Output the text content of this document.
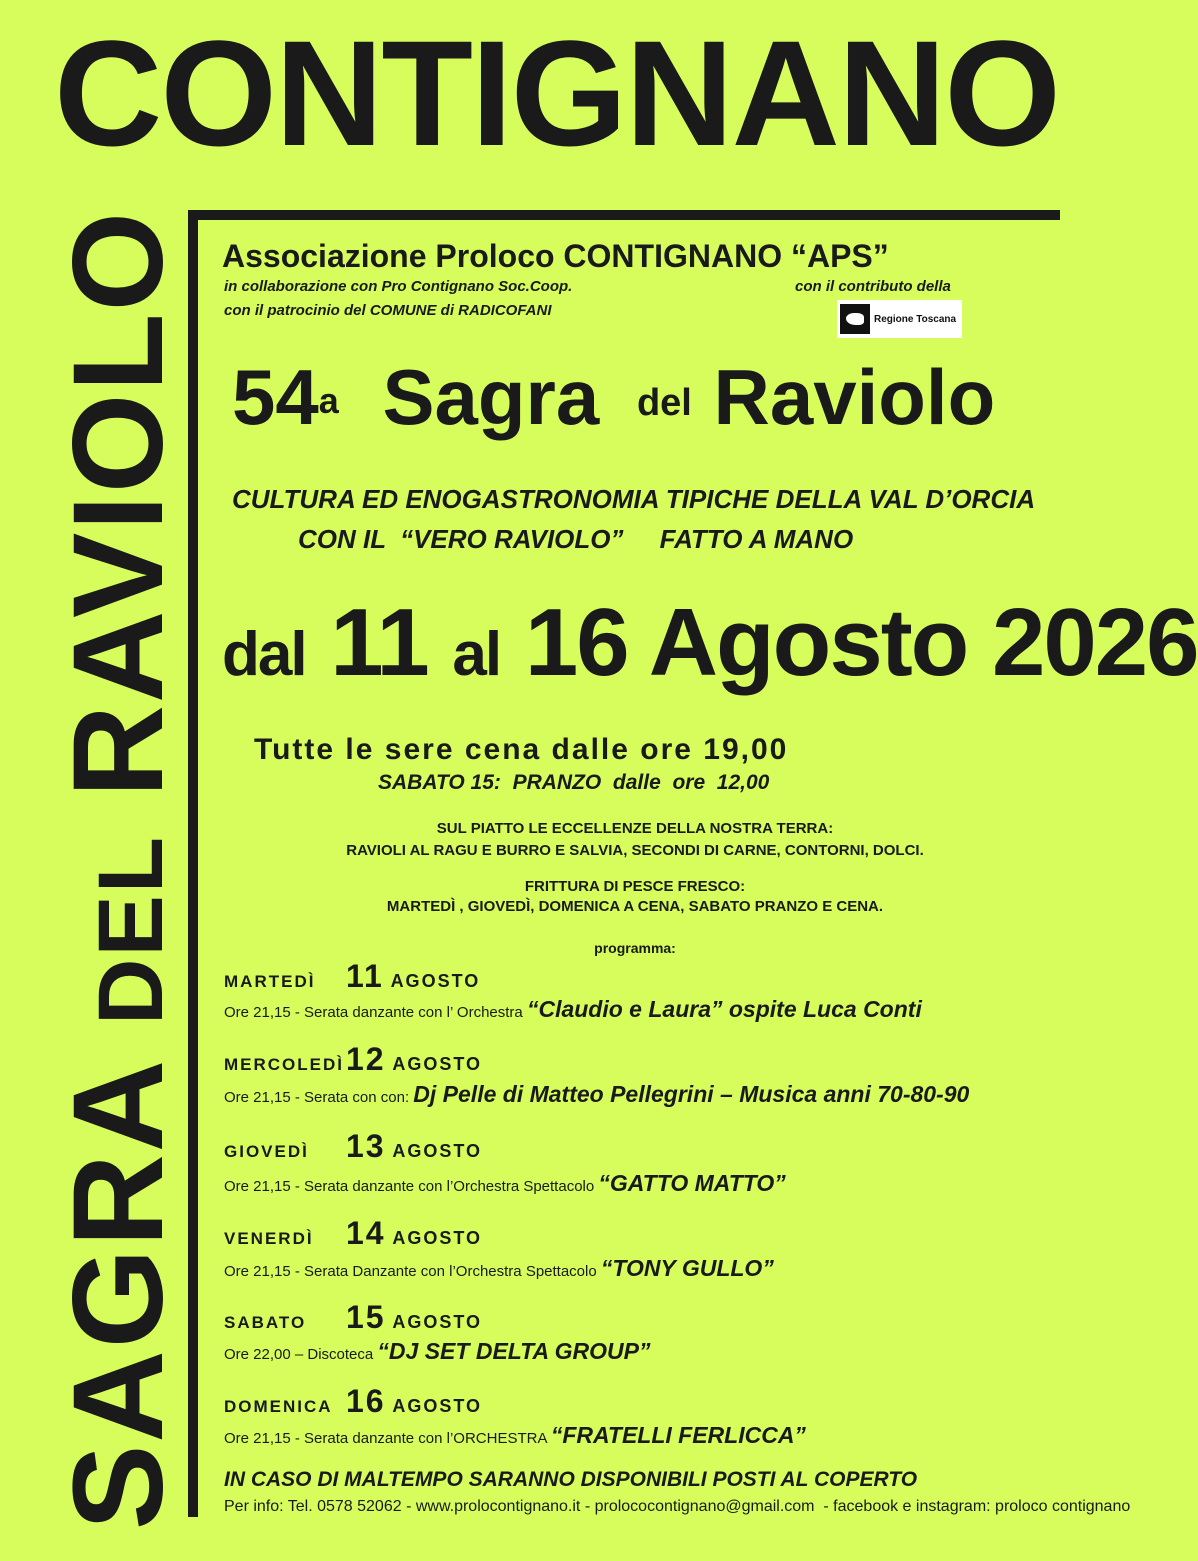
CONTIGNANO
SAGRA DEL RAVIOLO Associazione Proloco CONTIGNANO “APS”
in collaborazione con Pro Contignano Soc.Coop.	con il contributo della
con il patrocinio del COMUNE di RADICOFANI	Regione Toscana
54$^a$ Sagra $^{del}$ Raviolo
CULTURA ED ENOGASTRONOMIA TIPICHE DELLA VAL D’ORCIA
CON IL  “VERO RAVIOLO”     FATTO A MANO
dal 11 al 16 Agosto 2026
Tutte le sere cena dalle ore 19,00
SABATO 15:  PRANZO  dalle  ore  12,00
SUL PIATTO LE ECCELLENZE DELLA NOSTRA TERRA:
RAVIOLI AL RAGU E BURRO E SALVIA, SECONDI DI CARNE, CONTORNI, DOLCI.
FRITTURA DI PESCE FRESCO:
MARTEDÌ , GIOVEDÌ, DOMENICA A CENA, SABATO PRANZO E CENA.
programma:
MARTEDÌ 11 AGOSTO
Ore 21,15 - Serata danzante con l’ Orchestra “Claudio e Laura” ospite Luca Conti
MERCOLEDÌ12 AGOSTO
Ore 21,15 - Serata con con: Dj Pelle di Matteo Pellegrini – Musica anni 70-80-90
GIOVEDÌ 13 AGOSTO
Ore 21,15 - Serata danzante con l’Orchestra Spettacolo “GATTO MATTO”
VENERDÌ 14 AGOSTO
Ore 21,15 - Serata Danzante con l’Orchestra Spettacolo “TONY GULLO”
SABATO 15 AGOSTO
Ore 22,00 – Discoteca “DJ SET DELTA GROUP”
DOMENICA 16 AGOSTO
Ore 21,15 - Serata danzante con l’ORCHESTRA “FRATELLI FERLICCA”
IN CASO DI MALTEMPO SARANNO DISPONIBILI POSTI AL COPERTO
Per info: Tel. 0578 52062 - www.prolocontignano.it - prolococontignano@gmail.com  - facebook e instagram: proloco contignano
